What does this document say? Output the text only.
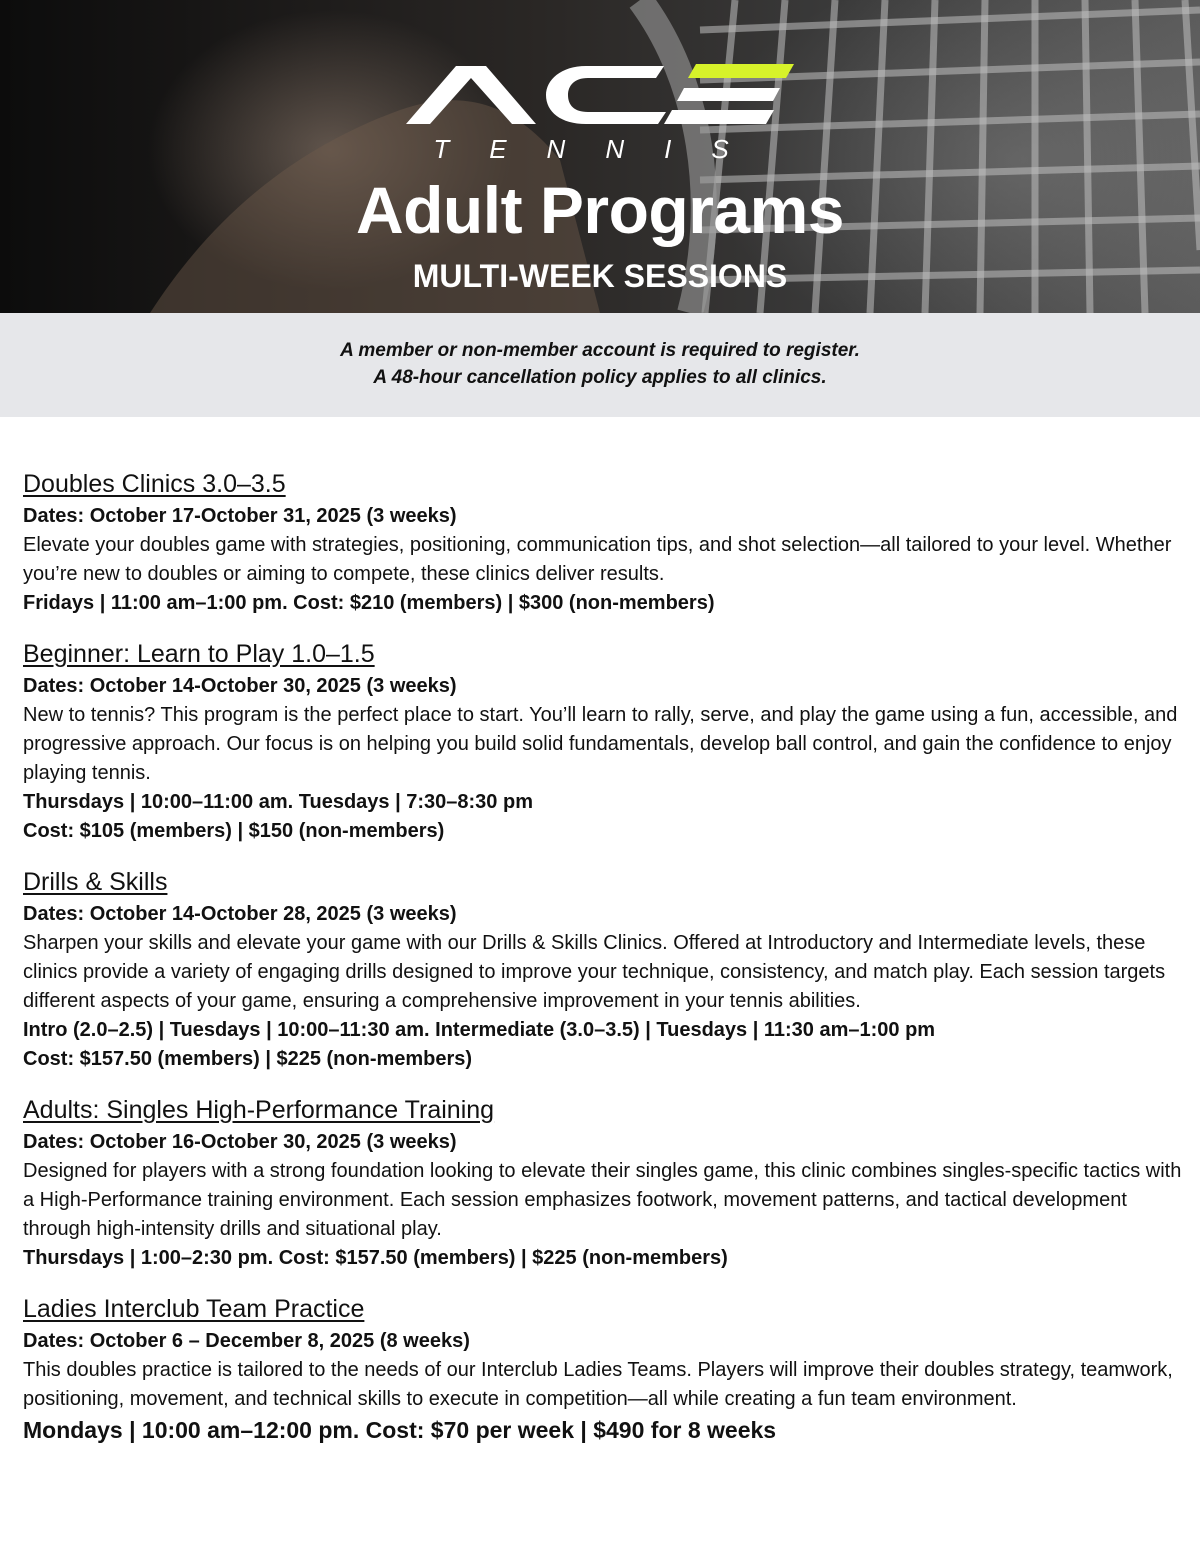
TENNIS
Adult Programs
MULTI-WEEK SESSIONS
A member or non-member account is required to register.
A 48-hour cancellation policy applies to all clinics.
Doubles Clinics 3.0–3.5
Dates: October 17-October 31, 2025 (3 weeks)
Elevate your doubles game with strategies, positioning, communication tips, and shot selection—all tailored to your level. Whether you’re new to doubles or aiming to compete, these clinics deliver results.
Fridays | 11:00 am–1:00 pm. Cost: $210 (members) | $300 (non-members)
Beginner: Learn to Play 1.0–1.5
Dates: October 14-October 30, 2025 (3 weeks)
New to tennis? This program is the perfect place to start. You’ll learn to rally, serve, and play the game using a fun, accessible, and progressive approach. Our focus is on helping you build solid fundamentals, develop ball control, and gain the confidence to enjoy playing tennis.
Thursdays | 10:00–11:00 am. Tuesdays | 7:30–8:30 pm
Cost: $105 (members) | $150 (non-members)
Drills & Skills
Dates: October 14-October 28, 2025 (3 weeks)
Sharpen your skills and elevate your game with our Drills & Skills Clinics. Offered at Introductory and Intermediate levels, these clinics provide a variety of engaging drills designed to improve your technique, consistency, and match play. Each session targets different aspects of your game, ensuring a comprehensive improvement in your tennis abilities.
Intro (2.0–2.5) | Tuesdays | 10:00–11:30 am. Intermediate (3.0–3.5) | Tuesdays | 11:30 am–1:00 pm
Cost: $157.50 (members) | $225 (non-members)
Adults: Singles High-Performance Training
Dates: October 16-October 30, 2025 (3 weeks)
Designed for players with a strong foundation looking to elevate their singles game, this clinic combines singles-specific tactics with a High-Performance training environment. Each session emphasizes footwork, movement patterns, and tactical development through high-intensity drills and situational play.
Thursdays | 1:00–2:30 pm. Cost: $157.50 (members) | $225 (non-members)
Ladies Interclub Team Practice
Dates: October 6 – December 8, 2025 (8 weeks)
This doubles practice is tailored to the needs of our Interclub Ladies Teams. Players will improve their doubles strategy, teamwork, positioning, movement, and technical skills to execute in competition—all while creating a fun team environment.
Mondays | 10:00 am–12:00 pm. Cost: $70 per week | $490 for 8 weeks
